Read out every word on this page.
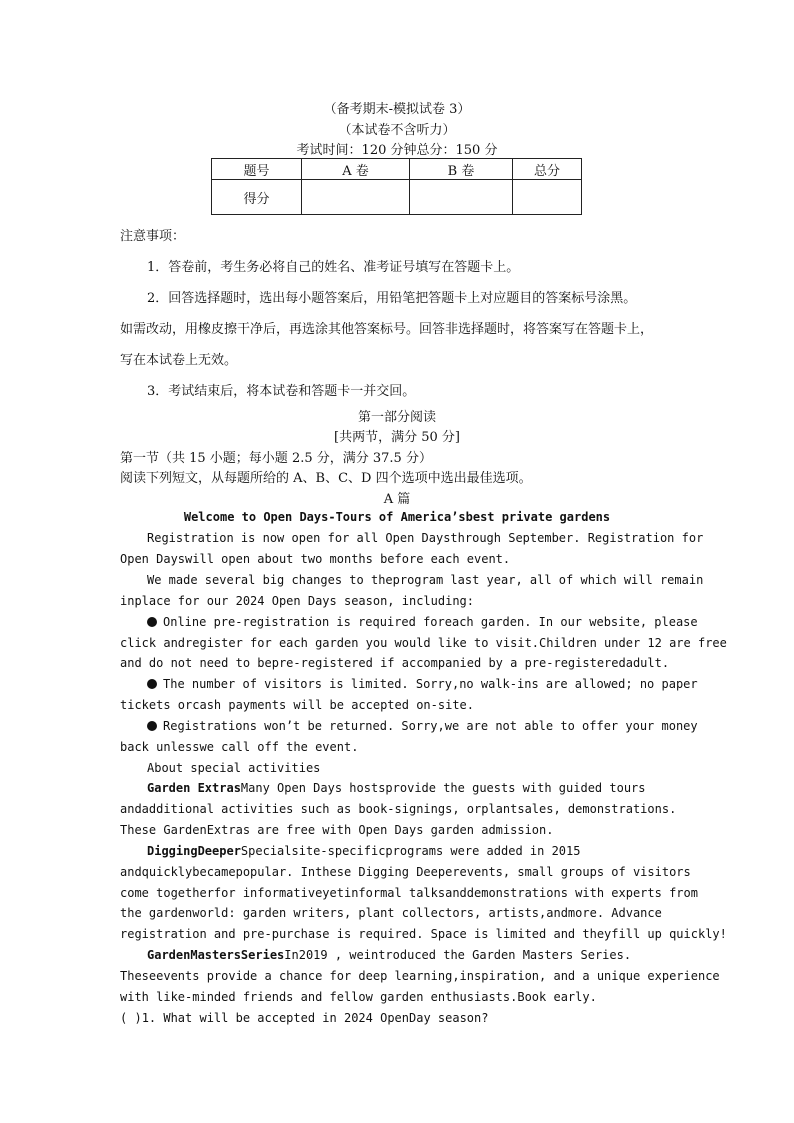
（备考期末-模拟试卷 3）
（本试卷不含听力）
考试时间：120 分钟总分：150 分
题号	A 卷	B 卷	总分
得分			
注意事项：
1．答卷前，考生务必将自己的姓名、准考证号填写在答题卡上。
2．回答选择题时，选出每小题答案后，用铅笔把答题卡上对应题目的答案标号涂黑。
如需改动，用橡皮擦干净后，再选涂其他答案标号。回答非选择题时，将答案写在答题卡上，
写在本试卷上无效。
3．考试结束后，将本试卷和答题卡一并交回。
第一部分阅读
[共两节，满分 50 分]
第一节（共 15 小题；每小题 2.5 分，满分 37.5 分）
阅读下列短文，从每题所给的 A、B、C、D 四个选项中选出最佳选项。
A 篇
Welcome to Open Days-Tours of America’sbest private gardens
Registration is now open for all Open Daysthrough September. Registration for
Open Dayswill open about two months before each event.
We made several big changes to theprogram last year, all of which will remain
inplace for our 2024 Open Days season, including:
Online pre-registration is required foreach garden. In our website, please
click andregister for each garden you would like to visit.Children under 12 are free
and do not need to bepre-registered if accompanied by a pre-registeredadult.
The number of visitors is limited. Sorry,no walk-ins are allowed; no paper
tickets orcash payments will be accepted on-site.
Registrations won’t be returned. Sorry,we are not able to offer your money
back unlesswe call off the event.
About special activities
Garden ExtrasMany Open Days hostsprovide the guests with guided tours
andadditional activities such as book-signings, orplantsales, demonstrations.
These GardenExtras are free with Open Days garden admission.
DiggingDeeperSpecialsite-specificprograms were added in 2015
andquicklybecamepopular. Inthese Digging Deeperevents, small groups of visitors
come togetherfor informativeyetinformal talksanddemonstrations with experts from
the gardenworld: garden writers, plant collectors, artists,andmore. Advance
registration and pre-purchase is required. Space is limited and theyfill up quickly!
GardenMastersSeriesIn2019 , weintroduced the Garden Masters Series.
Theseevents provide a chance for deep learning,inspiration, and a unique experience
with like-minded friends and fellow garden enthusiasts.Book early.
( )1. What will be accepted in 2024 OpenDay season?
